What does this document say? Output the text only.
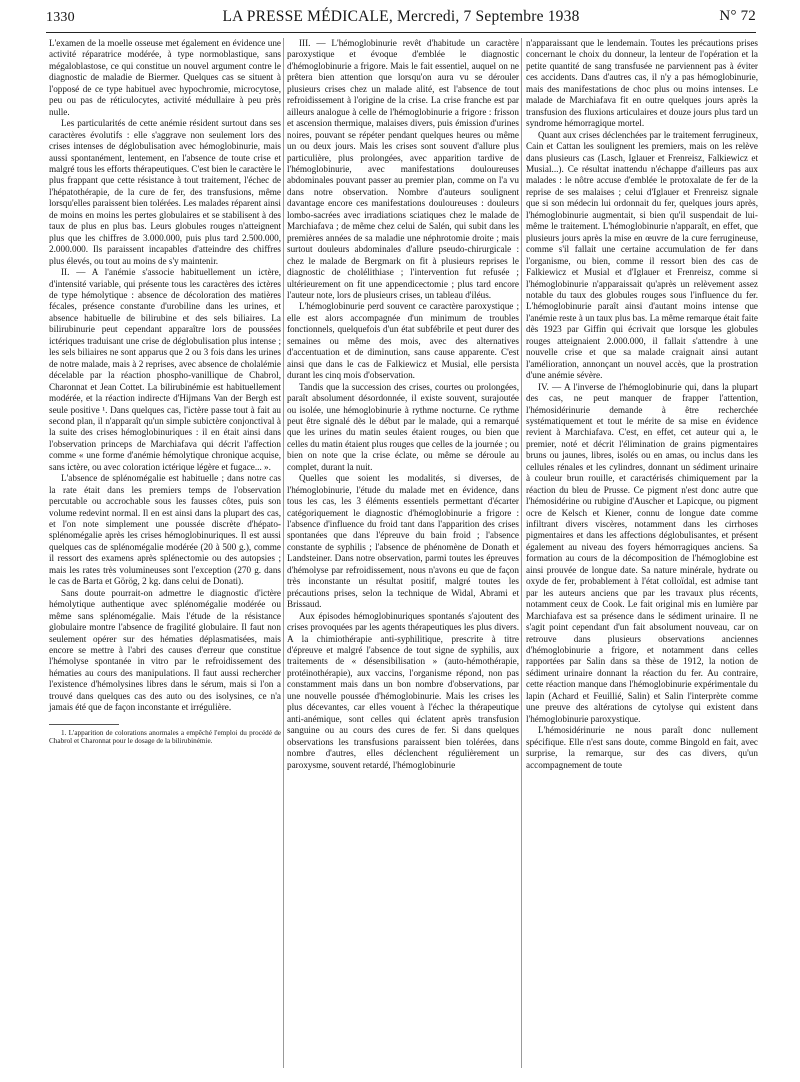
1330	LA PRESSE MÉDICALE, Mercredi, 7 Septembre 1938	N° 72

L'examen de la moelle osseuse met également en évidence une activité réparatrice modérée, à type normoblastique, sans mégaloblastose, ce qui constitue un nouvel argument contre le diagnostic de maladie de Biermer. Quelques cas se situent à l'opposé de ce type habituel avec hypochromie, microcytose, peu ou pas de réticulocytes, activité médullaire à peu près nulle.

Les particularités de cette anémie résident surtout dans ses caractères évolutifs : elle s'aggrave non seulement lors des crises intenses de déglobulisation avec hémoglobinurie, mais aussi spontanément, lentement, en l'absence de toute crise et malgré tous les efforts thérapeutiques. C'est bien le caractère le plus frappant que cette résistance à tout traitement, l'échec de l'hépatothérapie, de la cure de fer, des transfusions, même lorsqu'elles paraissent bien tolérées. Les malades réparent ainsi de moins en moins les pertes globulaires et se stabilisent à des taux de plus en plus bas. Leurs globules rouges n'atteignent plus que les chiffres de 3.000.000, puis plus tard 2.500.000, 2.000.000. Ils paraissent incapables d'atteindre des chiffres plus élevés, ou tout au moins de s'y maintenir.

II. — A l'anémie s'associe habituellement un ictère, d'intensité variable, qui présente tous les caractères des ictères de type hémolytique : absence de décoloration des matières fécales, présence constante d'urobiline dans les urines, et absence habituelle de bilirubine et des sels biliaires. La bilirubinurie peut cependant apparaître lors de poussées ictériques traduisant une crise de déglobulisation plus intense ; les sels biliaires ne sont apparus que 2 ou 3 fois dans les urines de notre malade, mais à 2 reprises, avec absence de cholalémie décelable par la réaction phospho-vanillique de Chabrol, Charonnat et Jean Cottet. La bilirubinémie est habituellement modérée, et la réaction indirecte d'Hijmans Van der Bergh est seule positive ¹. Dans quelques cas, l'ictère passe tout à fait au second plan, il n'apparaît qu'un simple subictère conjonctival à la suite des crises hémoglobinuriques : il en était ainsi dans l'observation princeps de Marchiafava qui décrit l'affection comme « une forme d'anémie hémolytique chronique acquise, sans ictère, ou avec coloration ictérique légère et fugace... ».

L'absence de splénomégalie est habituelle ; dans notre cas la rate était dans les premiers temps de l'observation percutable ou accrochable sous les fausses côtes, puis son volume redevint normal. Il en est ainsi dans la plupart des cas, et l'on note simplement une poussée discrète d'hépato-splénomégalie après les crises hémoglobinuriques. Il est aussi quelques cas de splénomégalie modérée (20 à 500 g.), comme il ressort des examens après splénectomie ou des autopsies ; mais les rates très volumineuses sont l'exception (270 g. dans le cas de Barta et Görög, 2 kg. dans celui de Donati).

Sans doute pourrait-on admettre le diagnostic d'ictère hémolytique authentique avec splénomégalie modérée ou même sans splénomégalie. Mais l'étude de la résistance globulaire montre l'absence de fragilité globulaire. Il faut non seulement opérer sur des hématies déplasmatisées, mais encore se mettre à l'abri des causes d'erreur que constitue l'hémolyse spontanée in vitro par le refroidissement des hématies au cours des manipulations. Il faut aussi rechercher l'existence d'hémolysines libres dans le sérum, mais si l'on a trouvé dans quelques cas des auto ou des isolysines, ce n'a jamais été que de façon inconstante et irrégulière.

1. L'apparition de colorations anormales a empêché l'emploi du procédé de Chabrol et Charonnat pour le dosage de la bilirubinémie.

III. — L'hémoglobinurie revêt d'habitude un caractère paroxystique et évoque d'emblée le diagnostic d'hémoglobinurie a frigore. Mais le fait essentiel, auquel on ne prêtera bien attention que lorsqu'on aura vu se dérouler plusieurs crises chez un malade alité, est l'absence de tout refroidissement à l'origine de la crise. La crise franche est par ailleurs analogue à celle de l'hémoglobinurie a frigore : frisson et ascension thermique, malaises divers, puis émission d'urines noires, pouvant se répéter pendant quelques heures ou même un ou deux jours. Mais les crises sont souvent d'allure plus particulière, plus prolongées, avec apparition tardive de l'hémoglobinurie, avec manifestations douloureuses abdominales pouvant passer au premier plan, comme on l'a vu dans notre observation. Nombre d'auteurs soulignent davantage encore ces manifestations douloureuses : douleurs lombo-sacrées avec irradiations sciatiques chez le malade de Marchiafava ; de même chez celui de Salén, qui subit dans les premières années de sa maladie une néphrotomie droite ; mais surtout douleurs abdominales d'allure pseudo-chirurgicale : chez le malade de Bergmark on fit à plusieurs reprises le diagnostic de cholélithiase ; l'intervention fut refusée ; ultérieurement on fit une appendicectomie ; plus tard encore l'auteur note, lors de plusieurs crises, un tableau d'iléus.

L'hémoglobinurie perd souvent ce caractère paroxystique ; elle est alors accompagnée d'un minimum de troubles fonctionnels, quelquefois d'un état subfébrile et peut durer des semaines ou même des mois, avec des alternatives d'accentuation et de diminution, sans cause apparente. C'est ainsi que dans le cas de Falkiewicz et Musial, elle persista durant les cinq mois d'observation.

Tandis que la succession des crises, courtes ou prolongées, paraît absolument désordonnée, il existe souvent, surajoutée ou isolée, une hémoglobinurie à rythme nocturne. Ce rythme peut être signalé dès le début par le malade, qui a remarqué que les urines du matin seules étaient rouges, ou bien que celles du matin étaient plus rouges que celles de la journée ; ou bien on note que la crise éclate, ou même se déroule au complet, durant la nuit.

Quelles que soient les modalités, si diverses, de l'hémoglobinurie, l'étude du malade met en évidence, dans tous les cas, les 3 éléments essentiels permettant d'écarter catégoriquement le diagnostic d'hémoglobinurie a frigore : l'absence d'influence du froid tant dans l'apparition des crises spontanées que dans l'épreuve du bain froid ; l'absence constante de syphilis ; l'absence de phénomène de Donath et Landsteiner. Dans notre observation, parmi toutes les épreuves d'hémolyse par refroidissement, nous n'avons eu que de façon très inconstante un résultat positif, malgré toutes les précautions prises, selon la technique de Widal, Abrami et Brissaud.

Aux épisodes hémoglobinuriques spontanés s'ajoutent des crises provoquées par les agents thérapeutiques les plus divers. A la chimiothérapie anti-syphilitique, prescrite à titre d'épreuve et malgré l'absence de tout signe de syphilis, aux traitements de « désensibilisation » (auto-hémothérapie, protéinothérapie), aux vaccins, l'organisme répond, non pas constamment mais dans un bon nombre d'observations, par une nouvelle poussée d'hémoglobinurie. Mais les crises les plus décevantes, car elles vouent à l'échec la thérapeutique anti-anémique, sont celles qui éclatent après transfusion sanguine ou au cours des cures de fer. Si dans quelques observations les transfusions paraissent bien tolérées, dans nombre d'autres, elles déclenchent régulièrement un paroxysme, souvent retardé, l'hémoglobinurie

n'apparaissant que le lendemain. Toutes les précautions prises concernant le choix du donneur, la lenteur de l'opération et la petite quantité de sang transfusée ne parviennent pas à éviter ces accidents. Dans d'autres cas, il n'y a pas hémoglobinurie, mais des manifestations de choc plus ou moins intenses. Le malade de Marchiafava fit en outre quelques jours après la transfusion des fluxions articulaires et douze jours plus tard un syndrome hémorragique mortel.

Quant aux crises déclenchées par le traitement ferrugineux, Cain et Cattan les soulignent les premiers, mais on les relève dans plusieurs cas (Lasch, Iglauer et Frenreisz, Falkiewicz et Musial...). Ce résultat inattendu n'échappe d'ailleurs pas aux malades : le nôtre accuse d'emblée le protoxalate de fer de la reprise de ses malaises ; celui d'Iglauer et Frenreisz signale que si son médecin lui ordonnait du fer, quelques jours après, l'hémoglobinurie augmentait, si bien qu'il suspendait de lui-même le traitement. L'hémoglobinurie n'apparaît, en effet, que plusieurs jours après la mise en œuvre de la cure ferrugineuse, comme s'il fallait une certaine accumulation de fer dans l'organisme, ou bien, comme il ressort bien des cas de Falkiewicz et Musial et d'Iglauer et Frenreisz, comme si l'hémoglobinurie n'apparaissait qu'après un relèvement assez notable du taux des globules rouges sous l'influence du fer. L'hémoglobinurie paraît ainsi d'autant moins intense que l'anémie reste à un taux plus bas. La même remarque était faite dès 1923 par Giffin qui écrivait que lorsque les globules rouges atteignaient 2.000.000, il fallait s'attendre à une nouvelle crise et que sa malade craignait ainsi autant l'amélioration, annonçant un nouvel accès, que la prostration d'une anémie sévère.

IV. — A l'inverse de l'hémoglobinurie qui, dans la plupart des cas, ne peut manquer de frapper l'attention, l'hémosidérinurie demande à être recherchée systématiquement et tout le mérite de sa mise en évidence revient à Marchiafava. C'est, en effet, cet auteur qui a, le premier, noté et décrit l'élimination de grains pigmentaires bruns ou jaunes, libres, isolés ou en amas, ou inclus dans les cellules rénales et les cylindres, donnant un sédiment urinaire à couleur brun rouille, et caractérisés chimiquement par la réaction du bleu de Prusse. Ce pigment n'est donc autre que l'hémosidérine ou rubigine d'Auscher et Lapicque, ou pigment ocre de Kelsch et Kiener, connu de longue date comme infiltrant divers viscères, notamment dans les cirrhoses pigmentaires et dans les affections déglobulisantes, et présent également au niveau des foyers hémorragiques anciens. Sa formation au cours de la décomposition de l'hémoglobine est ainsi prouvée de longue date. Sa nature minérale, hydrate ou oxyde de fer, probablement à l'état colloïdal, est admise tant par les auteurs anciens que par les travaux plus récents, notamment ceux de Cook. Le fait original mis en lumière par Marchiafava est sa présence dans le sédiment urinaire. Il ne s'agit point cependant d'un fait absolument nouveau, car on retrouve dans plusieurs observations anciennes d'hémoglobinurie a frigore, et notamment dans celles rapportées par Salin dans sa thèse de 1912, la notion de sédiment urinaire donnant la réaction du fer. Au contraire, cette réaction manque dans l'hémoglobinurie expérimentale du lapin (Achard et Feuillié, Salin) et Salin l'interprète comme une preuve des altérations de cytolyse qui existent dans l'hémoglobinurie paroxystique.

L'hémosidérinurie ne nous paraît donc nullement spécifique. Elle n'est sans doute, comme Bingold en fait, avec surprise, la remarque, sur des cas divers, qu'un accompagnement de toute
